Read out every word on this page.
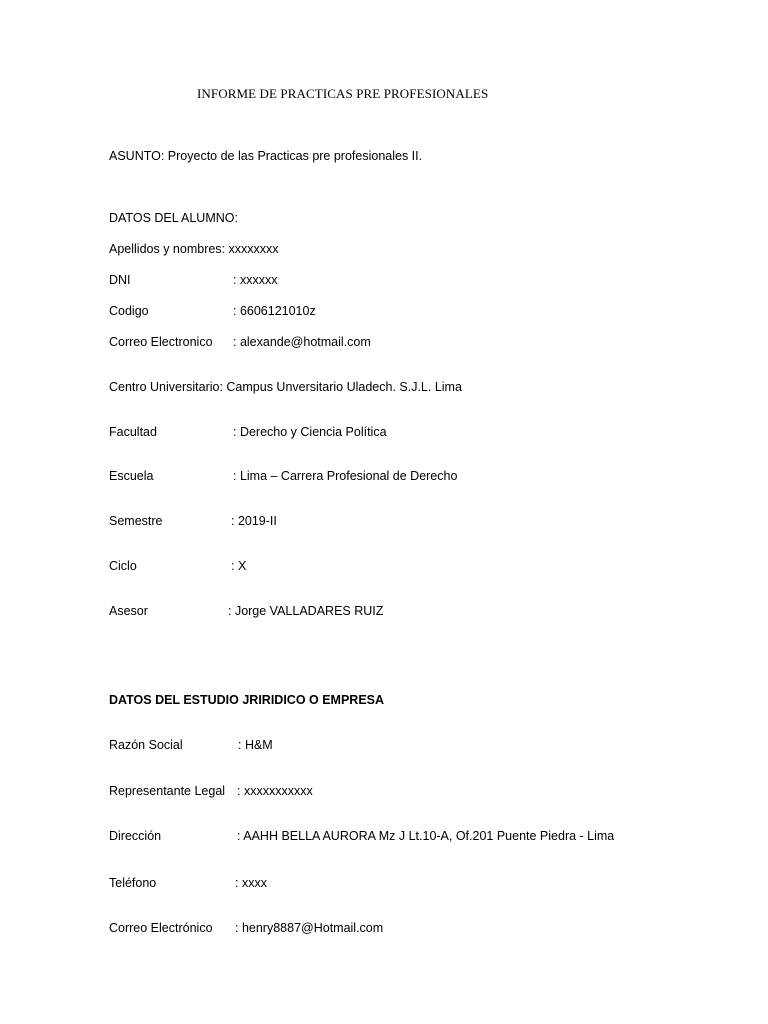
INFORME DE PRACTICAS PRE PROFESIONALES
ASUNTO: Proyecto de las Practicas pre profesionales II.
DATOS DEL ALUMNO:
Apellidos y nombres: xxxxxxxx
DNI	: xxxxxx
Codigo	: 6606121010z
Correo Electronico : alexande@hotmail.com
Centro Universitario: Campus Unversitario Uladech. S.J.L. Lima
Facultad	: Derecho y Ciencia Política
Escuela	: Lima – Carrera Profesional de Derecho
Semestre	: 2019-II
Ciclo	: X
Asesor	: Jorge VALLADARES RUIZ
DATOS DEL ESTUDIO JRIRIDICO O EMPRESA
Razón Social	: H&M
Representante Legal : xxxxxxxxxxx
Dirección	: AAHH BELLA AURORA Mz J Lt.10-A, Of.201 Puente Piedra - Lima
Teléfono	: xxxx
Correo Electrónico : henry8887@Hotmail.com
